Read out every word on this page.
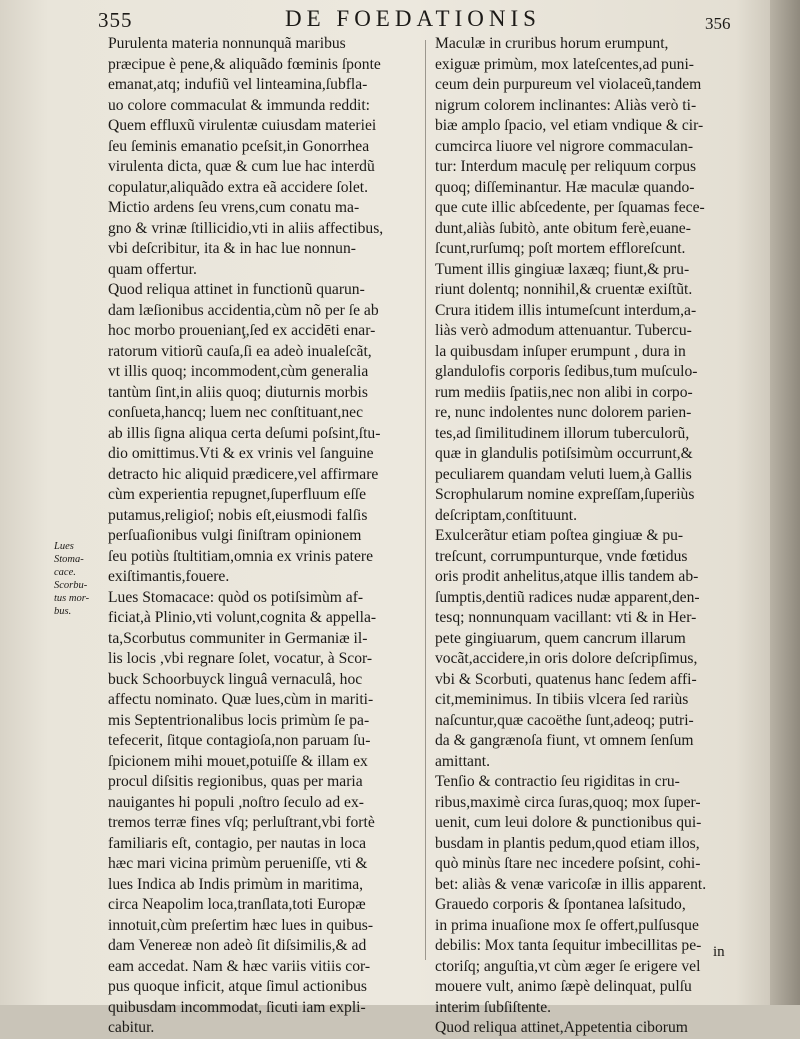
355	DE FOEDATIONIS	356
Lues
Stoma-
cace.
Scorbu-
tus mor-
bus.
Purulenta materia nonnunquã maribus
præcipue è pene,& aliquãdo fœminis ſponte
emanat,atq; indufiũ vel linteamina,ſubfla-
uo colore commaculat & immunda reddit:
Quem effluxũ virulentæ cuiusdam materiei
ſeu ſeminis emanatio pceſsit,in Gonorrhea
virulenta dicta, quæ & cum lue hac interdũ
copulatur,aliquãdo extra eã accidere ſolet.
Mictio ardens ſeu vrens,cum conatu ma-
gno & vrinæ ſtillicidio,vti in aliis affectibus,
vbi deſcribitur, ita & in hac lue nonnun-
quam offertur.
Quod reliqua attinet in functionũ quarun-
dam læſionibus accidentia,cùm nõ per ſe ab
hoc morbo prouenianţ,ſed ex accidēti enar-
ratorum vitiorũ cauſa,ſi ea adeò inualeſcãt,
vt illis quoq; incommodent,cùm generalia
tantùm ſint,in aliis quoq; diuturnis morbis
conſueta,hancq; luem nec conſtituant,nec
ab illis ſigna aliqua certa deſumi poſsint,ſtu-
dio omittimus.Vti & ex vrinis vel ſanguine
detracto hic aliquid prædicere,vel affirmare
cùm experientia repugnet,ſuperfluum eſſe
putamus,religioſ; nobis eſt,eiusmodi falſis
perſuaſionibus vulgi ſiniſtram opinionem
ſeu potiùs ſtultitiam,omnia ex vrinis patere
exiſtimantis,fouere.
Lues Stomacace: quòd os potiſsimùm af-
ficiat,à Plinio,vti volunt,cognita & appella-
ta,Scorbutus communiter in Germaniæ il-
lis locis ,vbi regnare ſolet, vocatur, à Scor-
buck Schoorbuyck linguâ vernaculâ, hoc
affectu nominato. Quæ lues,cùm in mariti-
mis Septentrionalibus locis primùm ſe pa-
tefecerit, ſitque contagioſa,non paruam ſu-
ſpicionem mihi mouet,potuiſſe & illam ex
procul diſsitis regionibus, quas per maria
nauigantes hi populi ,noſtro ſeculo ad ex-
tremos terræ fines vſq; perluſtrant,vbi fortè
familiaris eſt, contagio, per nautas in loca
hæc mari vicina primùm perueniſſe, vti &
lues Indica ab Indis primùm in maritima,
circa Neapolim loca,tranſlata,toti Europæ
innotuit,cùm preſertim hæc lues in quibus-
dam Venereæ non adeò ſit diſsimilis,& ad
eam accedat. Nam & hæc variis vitiis cor-
pus quoque inficit, atque ſimul actionibus
quibusdam incommodat, ſicuti iam expli-
cabitur.
Maculæ in cruribus horum erumpunt,
exiguæ primùm, mox lateſcentes,ad puni-
ceum dein purpureum vel violaceũ,tandem
nigrum colorem inclinantes: Aliàs verò ti-
biæ amplo ſpacio, vel etiam vndique & cir-
cumcirca liuore vel nigrore commaculan-
tur: Interdum maculę per reliquum corpus
quoq; diſſeminantur. Hæ maculæ quando-
que cute illic abſcedente, per ſquamas fece-
dunt,aliàs ſubitò, ante obitum ferè,euane-
ſcunt,rurſumq; poſt mortem efflorеſcunt.
Tument illis gingiuæ laxæq; fiunt,& pru-
riunt dolentq; nonnihil,& cruentæ exiſtũt.
Crura itidem illis intumeſcunt interdum,a-
liàs verò admodum attenuantur. Tubercu-
la quibusdam inſuper erumpunt , dura in
glandulofis corporis ſedibus,tum muſculo-
rum mediis ſpatiis,nec non alibi in corpo-
re, nunc indolentes nunc dolorem parien-
tes,ad ſimilitudinem illorum tuberculorũ,
quæ in glandulis potiſsimùm occurrunt,&
peculiarem quandam veluti luem,à Gallis
Scrophularum nomine expreſſam,ſuperiùs
deſcriptam,conſtituunt.
Exulcerãtur etiam poſtea gingiuæ & pu-
treſcunt, corrumpunturque, vnde fœtidus
oris prodit anhelitus,atque illis tandem ab-
ſumptis,dentiũ radices nudæ apparent,den-
tesq; nonnunquam vacillant: vti & in Her-
pete gingiuarum, quem cancrum illarum
vocãt,accidere,in oris dolore deſcripſimus,
vbi & Scorbuti, quatenus hanc ſedem affi-
cit,meminimus. In tibiis vlcera ſed rariùs
naſcuntur,quæ cacoëthe ſunt,adeoq; putri-
da & gangrænoſa fiunt, vt omnem ſenſum
amittant.
Tenſio & contractio ſeu rigiditas in cru-
ribus,maximè circa ſuras,quoq; mox ſuper-
uenit, cum leui dolore & punctionibus qui-
busdam in plantis pedum,quod etiam illos,
quò minùs ſtare nec incedere poſsint, cohi-
bet: aliàs & venæ varicoſæ in illis apparent.
Grauedo corporis & ſpontanea laſsitudo,
in prima inuaſione mox ſe offert,pulſusque
debilis: Mox tanta ſequitur imbecillitas pe-
ctoriſq; anguſtia,vt cùm æger ſe erigere vel
mouere vult, animo ſæpè delinquat, pulſu
interim ſubſiſtente.
Quod reliqua attinet,Appetentia ciborum
in
